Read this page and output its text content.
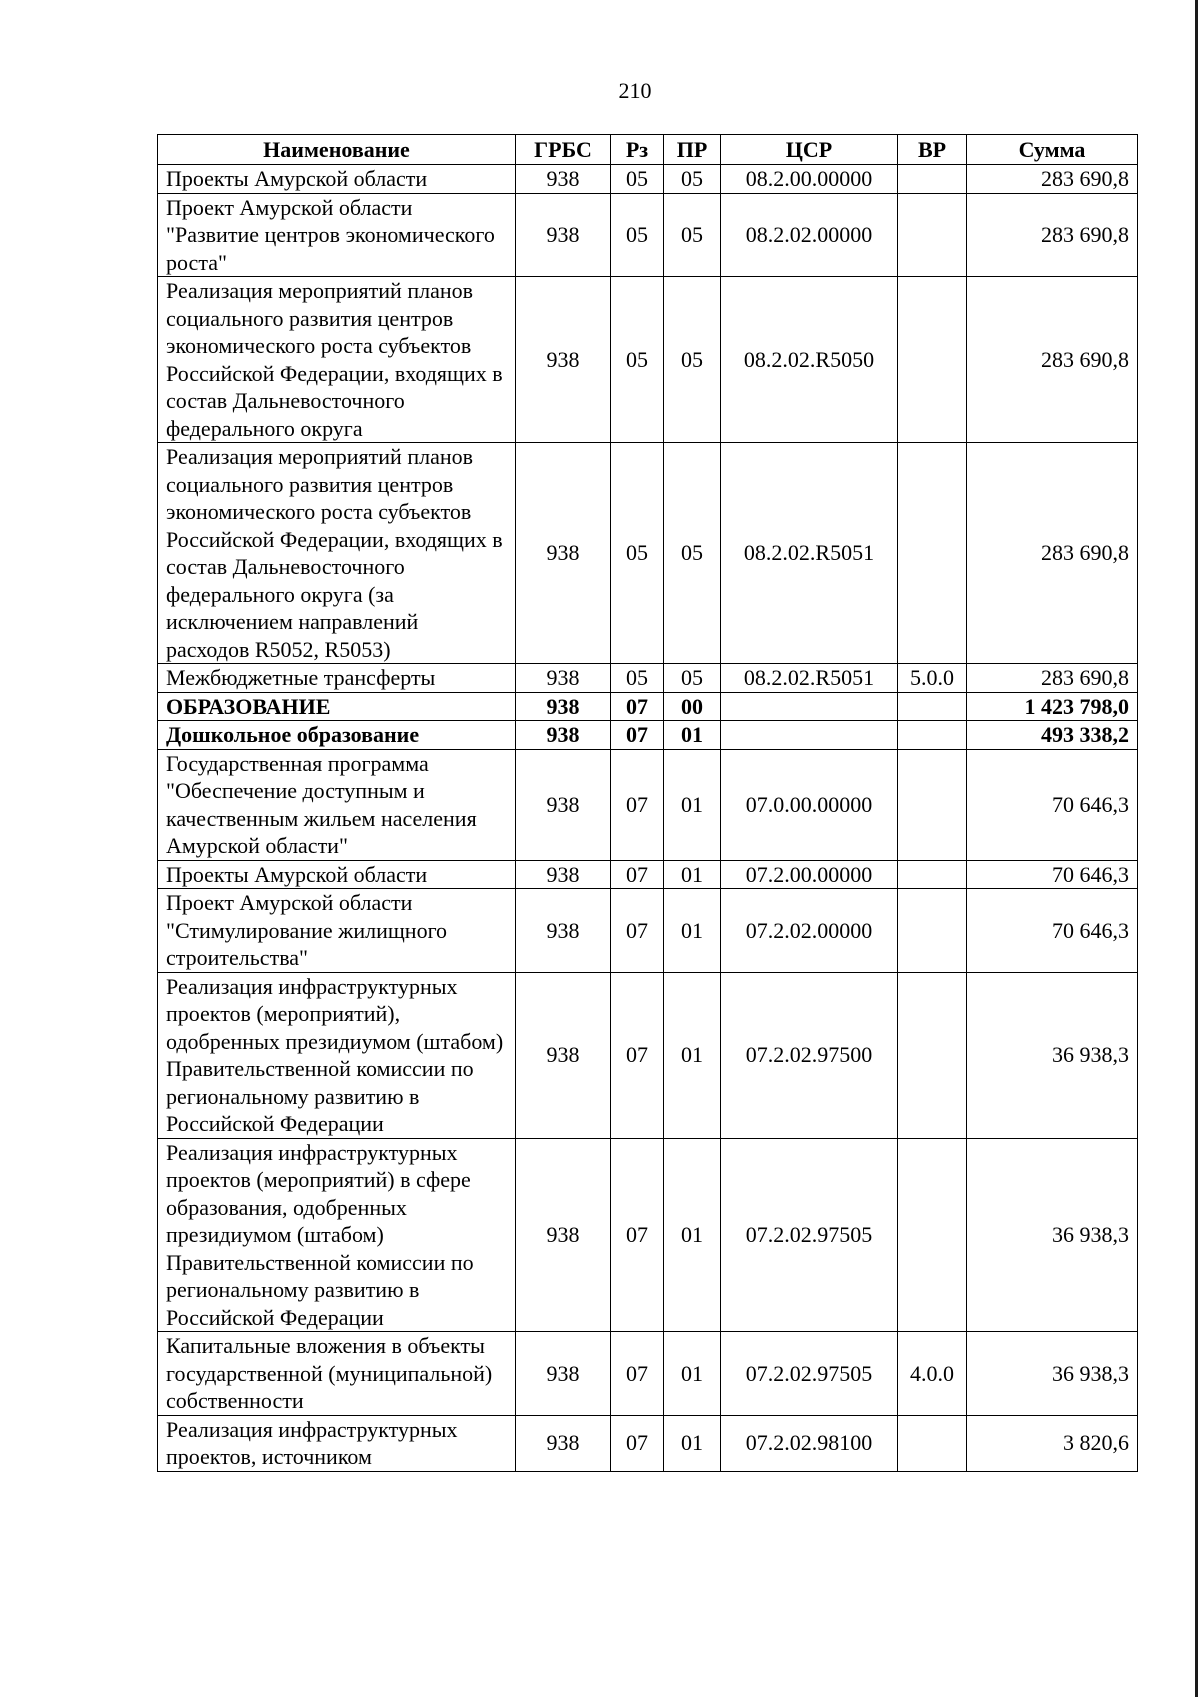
210
Наименование	ГРБС	Рз	ПР	ЦСР	ВР	Сумма
Проекты Амурской области	938	05	05	08.2.00.00000		283 690,8
Проект Амурской области "Развитие центров экономического роста"	938	05	05	08.2.02.00000		283 690,8
Реализация мероприятий планов социального развития центров экономического роста субъектов Российской Федерации, входящих в состав Дальневосточного федерального округа	938	05	05	08.2.02.R5050		283 690,8
Реализация мероприятий планов социального развития центров экономического роста субъектов Российской Федерации, входящих в состав Дальневосточного федерального округа (за исключением направлений расходов R5052, R5053)	938	05	05	08.2.02.R5051		283 690,8
Межбюджетные трансферты	938	05	05	08.2.02.R5051	5.0.0	283 690,8
ОБРАЗОВАНИЕ	938	07	00			1 423 798,0
Дошкольное образование	938	07	01			493 338,2
Государственная программа "Обеспечение доступным и качественным жильем населения Амурской области"	938	07	01	07.0.00.00000		70 646,3
Проекты Амурской области	938	07	01	07.2.00.00000		70 646,3
Проект Амурской области "Стимулирование жилищного строительства"	938	07	01	07.2.02.00000		70 646,3
Реализация инфраструктурных проектов (мероприятий), одобренных президиумом (штабом) Правительственной комиссии по региональному развитию в Российской Федерации	938	07	01	07.2.02.97500		36 938,3
Реализация инфраструктурных проектов (мероприятий) в сфере образования, одобренных президиумом (штабом) Правительственной комиссии по региональному развитию в Российской Федерации	938	07	01	07.2.02.97505		36 938,3
Капитальные вложения в объекты государственной (муниципальной) собственности	938	07	01	07.2.02.97505	4.0.0	36 938,3
Реализация инфраструктурных проектов, источником	938	07	01	07.2.02.98100		3 820,6
